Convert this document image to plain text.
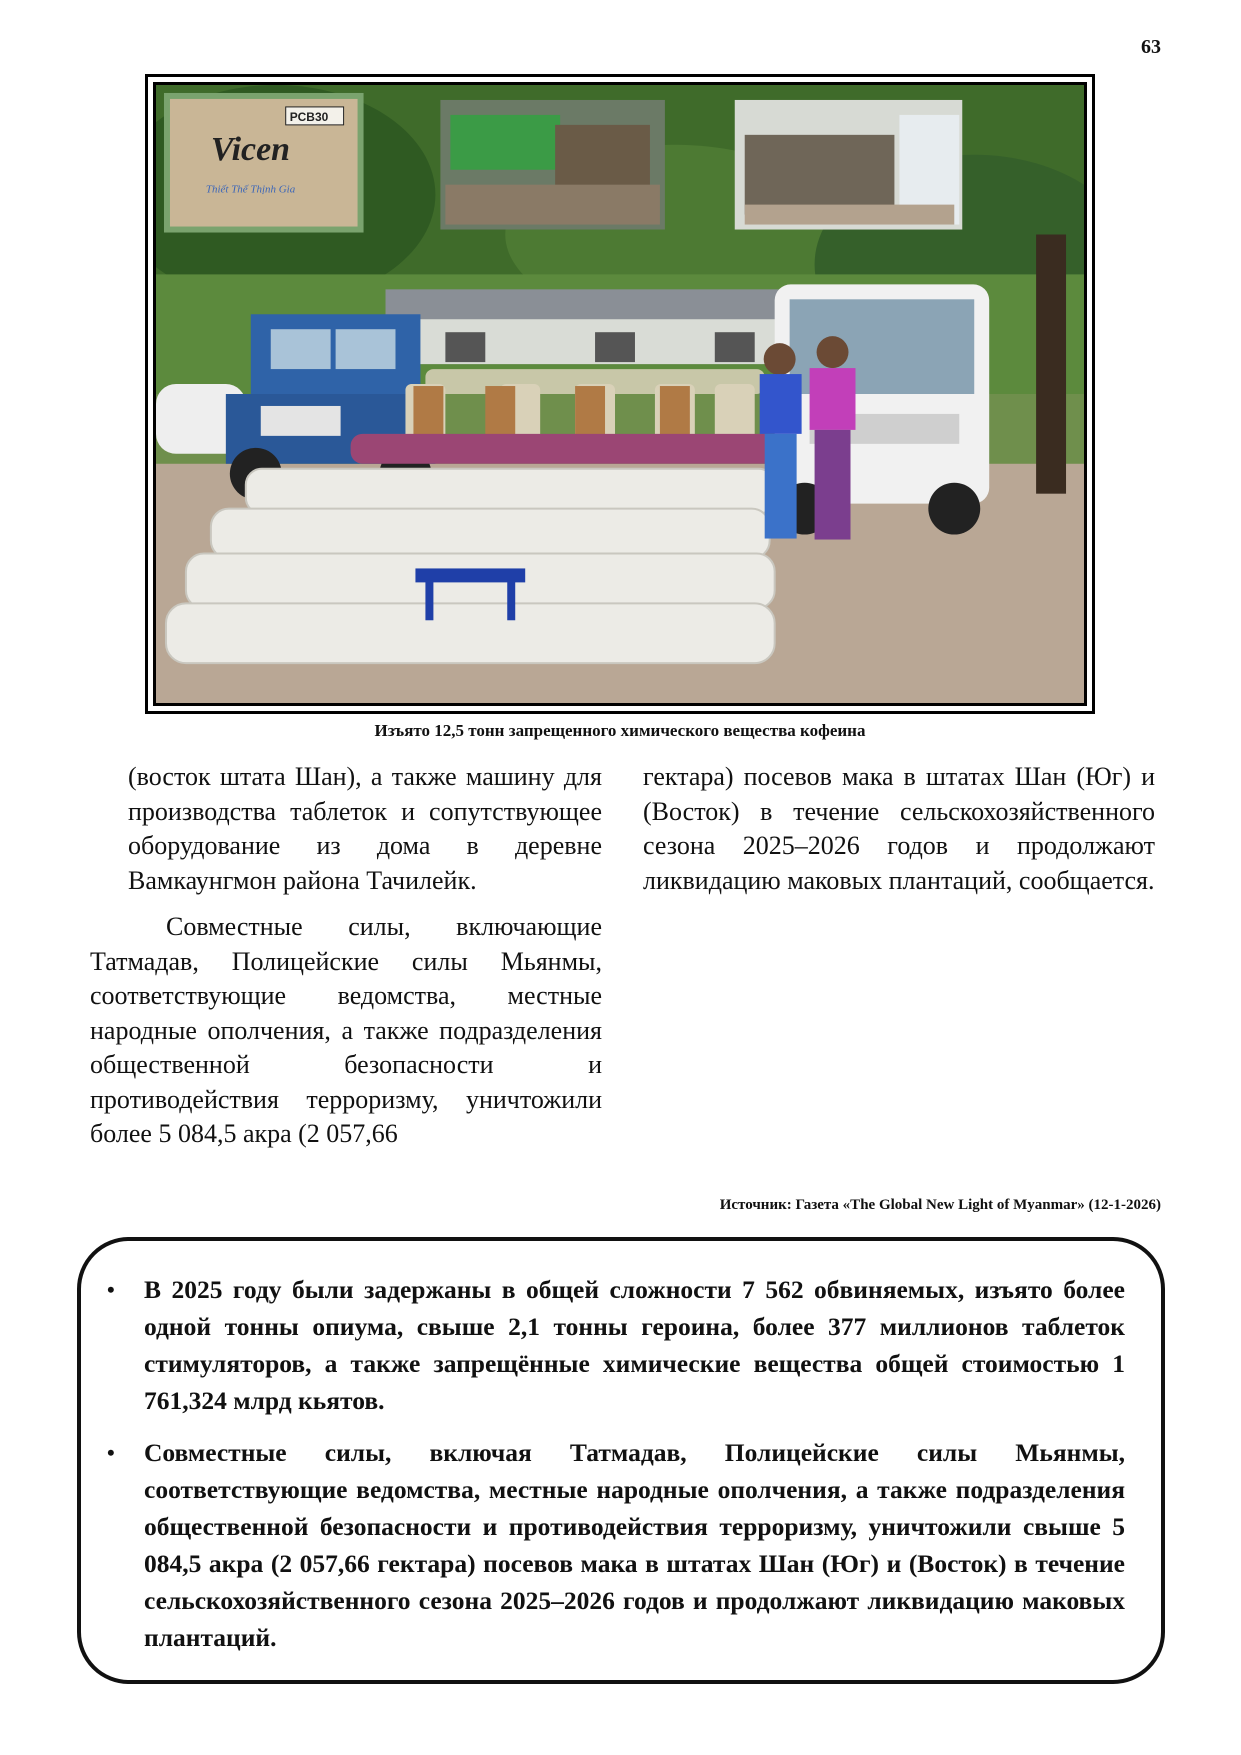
63
Vicen
PCB30
Thiết Thế Thịnh Gia
Изъято 12,5 тонн запрещенного химического вещества кофеина

(восток штата Шан), а также машину для производства таблеток и сопутствующее оборудование из дома в деревне Вамкаунгмон района Тачилейк.

Совместные силы, включающие Татмадав, Полицейские силы Мьянмы, соответствующие ведомства, местные народные ополчения, а также подразделения общественной безопасности и противодействия терроризму, уничтожили более 5 084,5 акра (2 057,66

гектара) посевов мака в штатах Шан (Юг) и (Восток) в течение сельскохозяйственного сезона 2025–2026 годов и продолжают ликвидацию маковых плантаций, сообщается.

Источник: Газета «The Global New Light of Myanmar» (12-1-2026)
• В 2025 году были задержаны в общей сложности 7 562 обвиняемых, изъято более одной тонны опиума, свыше 2,1 тонны героина, более 377 миллионов таблеток стимуляторов, а также запрещённые химические вещества общей стоимостью 1 761,324 млрд кьятов.
• Совместные силы, включая Татмадав, Полицейские силы Мьянмы, соответствующие ведомства, местные народные ополчения, а также подразделения общественной безопасности и противодействия терроризму, уничтожили свыше 5 084,5 акра (2 057,66 гектара) посевов мака в штатах Шан (Юг) и (Восток) в течение сельскохозяйственного сезона 2025–2026 годов и продолжают ликвидацию маковых плантаций.
